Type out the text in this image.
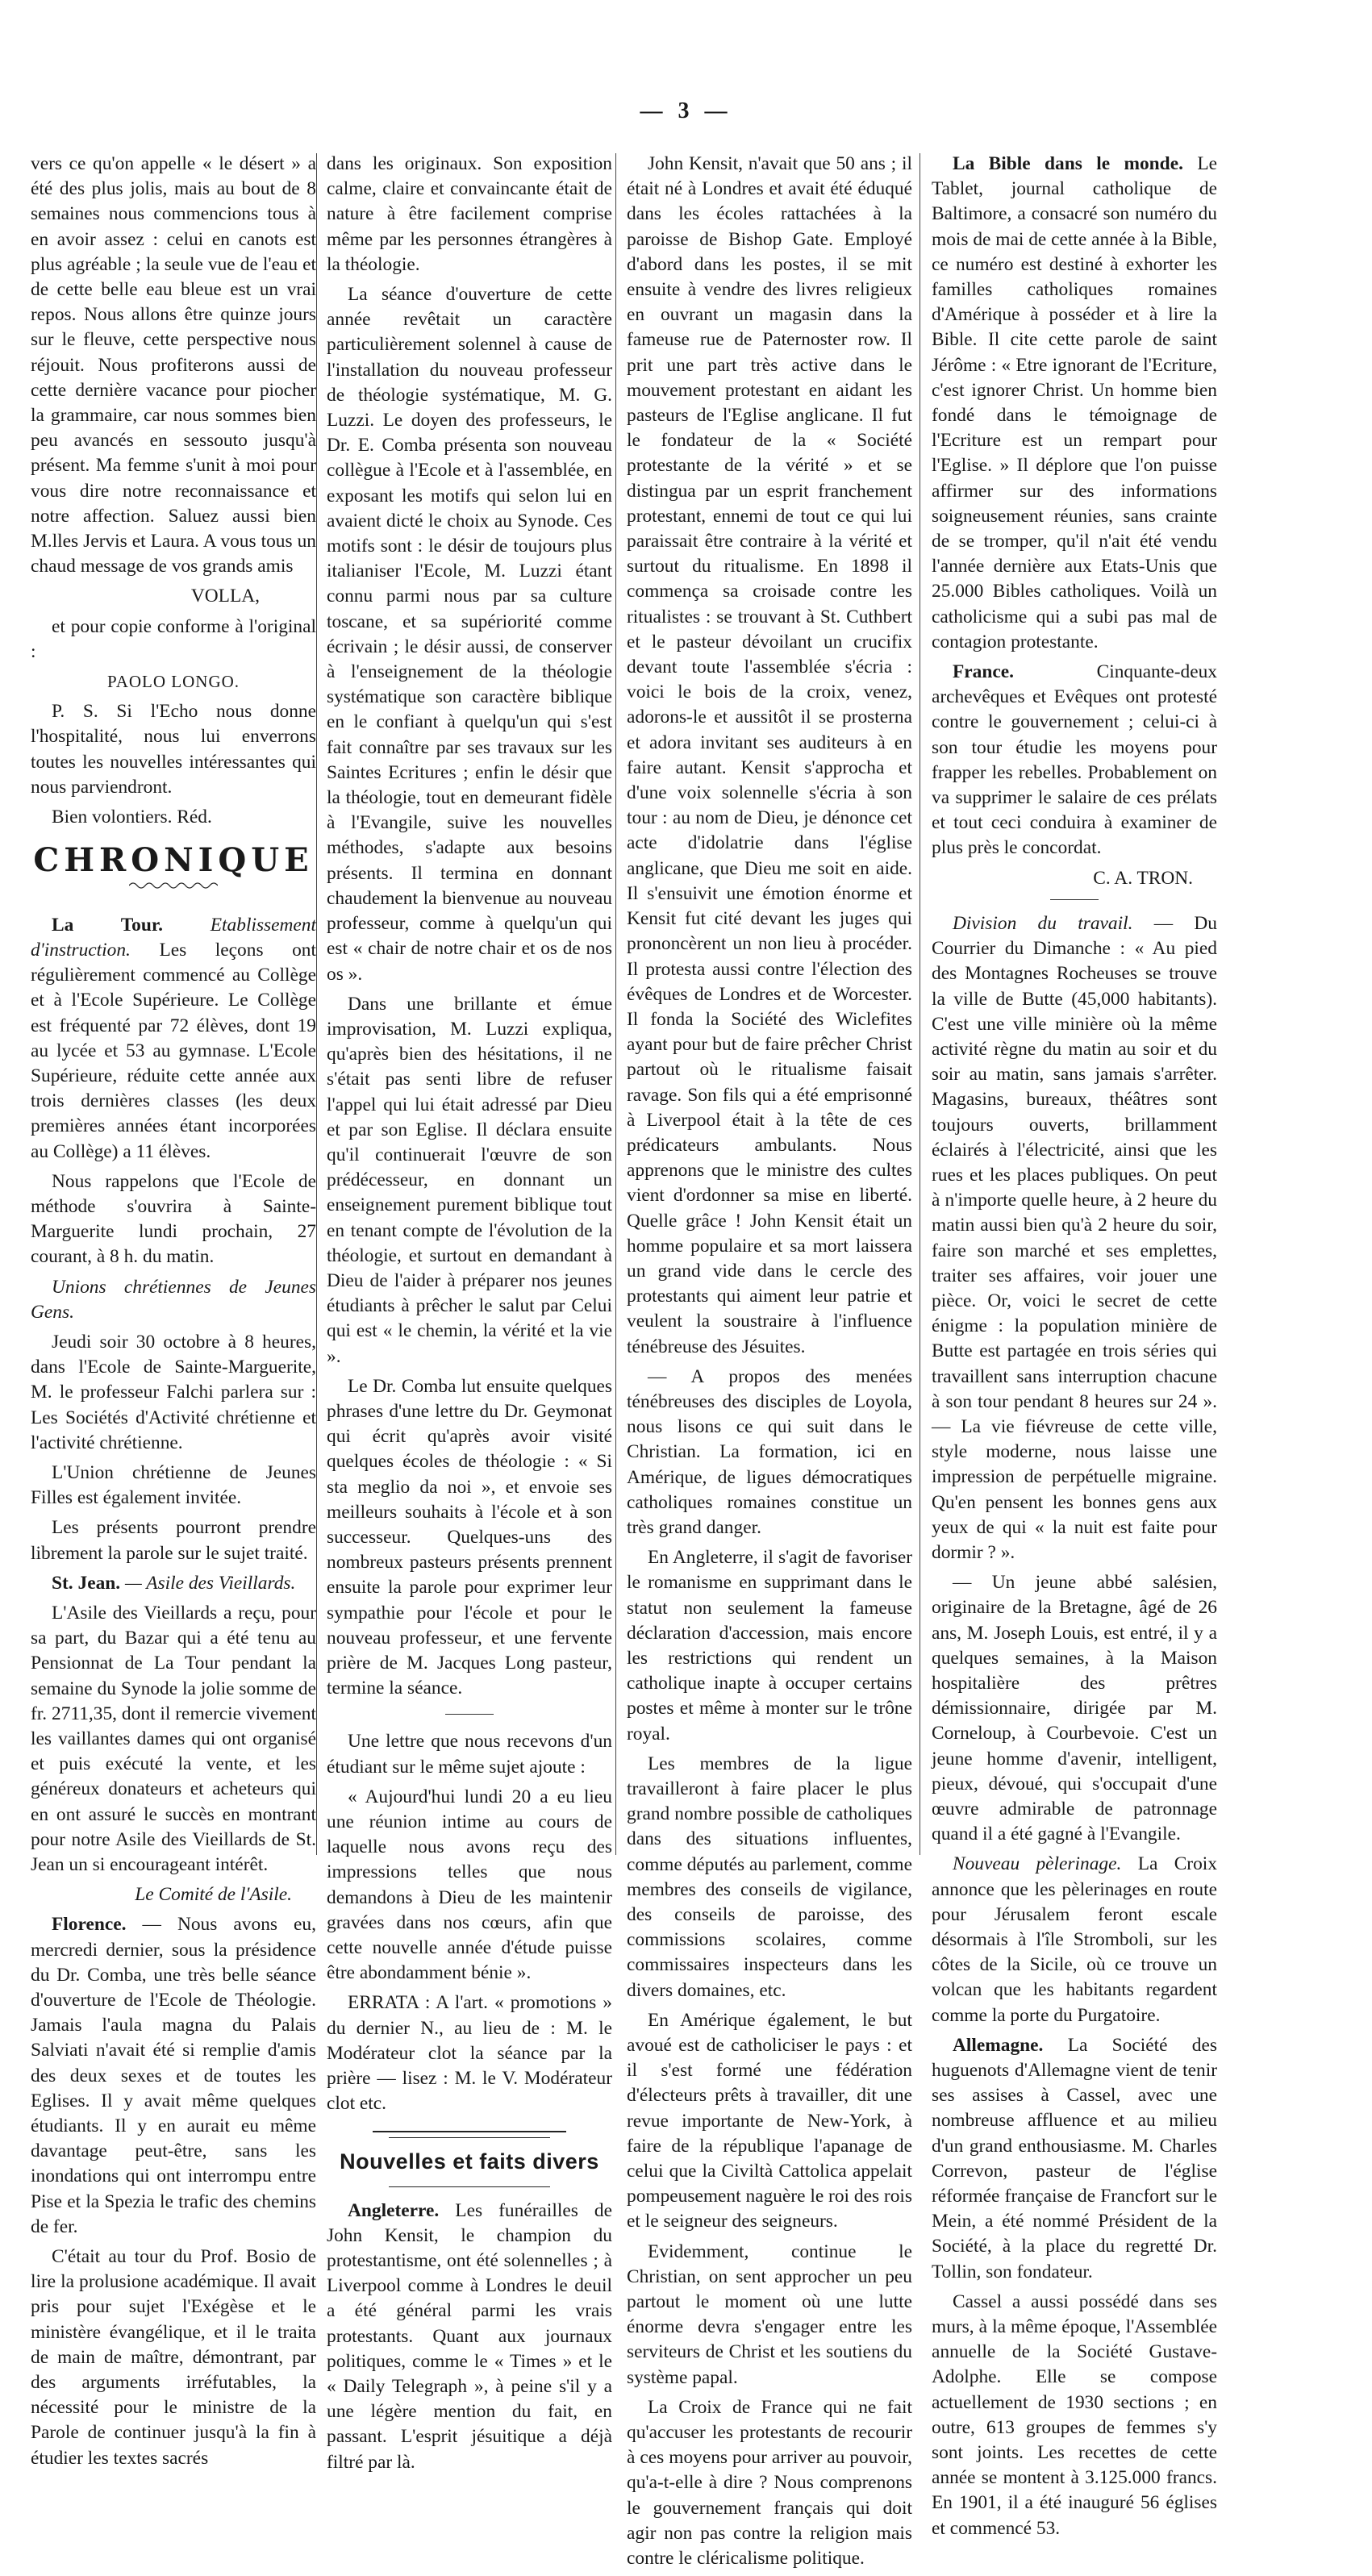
— 3 —

vers ce qu'on appelle « le désert » a été des plus jolis, mais au bout de 8 semaines nous commencions tous à en avoir assez : celui en canots est plus agréable ; la seule vue de l'eau et de cette belle eau bleue est un vrai repos. Nous allons être quinze jours sur le fleuve, cette perspective nous réjouit. Nous profiterons aussi de cette dernière vacance pour piocher la grammaire, car nous sommes bien peu avancés en sessouto jusqu'à présent. Ma femme s'unit à moi pour vous dire notre reconnaissance et notre affection. Saluez aussi bien M.lles Jervis et Laura. A vous tous un chaud message de vos grands amis

VOLLA,

et pour copie conforme à l'original :

PAOLO LONGO.

P. S. Si l'Echo nous donne l'hospitalité, nous lui enverrons toutes les nouvelles intéressantes qui nous parviendront.

Bien volontiers. Réd.

CHRONIQUE

La Tour.	Etablissement d'instruction. Les leçons ont régulièrement commencé au Collège et à l'Ecole Supérieure. Le Collège est fréquenté par 72 élèves, dont 19 au lycée et 53 au gymnase. L'Ecole Supérieure, réduite cette année aux trois dernières classes (les deux premières années étant incorporées au Collège) a 11 élèves.

Nous rappelons que l'Ecole de méthode s'ouvrira à Sainte-Marguerite lundi prochain, 27 courant, à 8 h. du matin.

Unions chrétiennes de Jeunes Gens.

Jeudi soir 30 octobre à 8 heures, dans l'Ecole de Sainte-Marguerite, M. le professeur Falchi parlera sur : Les Sociétés d'Activité chrétienne et l'activité chrétienne.

L'Union chrétienne de Jeunes Filles est également invitée.

Les présents pourront prendre librement la parole sur le sujet traité.

St. Jean. — Asile des Vieillards.

L'Asile des Vieillards a reçu, pour sa part, du Bazar qui a été tenu au Pensionnat de La Tour pendant la semaine du Synode la jolie somme de fr. 2711,35, dont il remercie vivement les vaillantes dames qui ont organisé et puis exécuté la vente, et les généreux donateurs et acheteurs qui en ont assuré le succès en montrant pour notre Asile des Vieillards de St. Jean un si encourageant intérêt.

Le Comité de l'Asile.

Florence. — Nous avons eu, mercredi dernier, sous la présidence du Dr. Comba, une très belle séance d'ouverture de l'Ecole de Théologie. Jamais l'aula magna du Palais Salviati n'avait été si remplie d'amis des deux sexes et de toutes les Eglises. Il y avait même quelques étudiants. Il y en aurait eu même davantage peut-être, sans les inondations qui ont interrompu entre Pise et la Spezia le trafic des chemins de fer.

C'était au tour du Prof. Bosio de lire la prolusione académique. Il avait pris pour sujet l'Exégèse et le ministère évangélique, et il le traita de main de maître, démontrant, par des arguments irréfutables, la nécessité pour le ministre de la Parole de continuer jusqu'à la fin à étudier les textes sacrés

dans les originaux. Son exposition calme, claire et convaincante était de nature à être facilement comprise même par les personnes étrangères à la théologie.

La séance d'ouverture de cette année revêtait un caractère particulièrement solennel à cause de l'installation du nouveau professeur de théologie systématique, M. G. Luzzi. Le doyen des professeurs, le Dr. E. Comba présenta son nouveau collègue à l'Ecole et à l'assemblée, en exposant les motifs qui selon lui en avaient dicté le choix au Synode. Ces motifs sont : le désir de toujours plus italianiser l'Ecole, M. Luzzi étant connu parmi nous par sa culture toscane, et sa supériorité comme écrivain ; le désir aussi, de conserver à l'enseignement de la théologie systématique son caractère biblique en le confiant à quelqu'un qui s'est fait connaître par ses travaux sur les Saintes Ecritures ; enfin le désir que la théologie, tout en demeurant fidèle à l'Evangile, suive les nouvelles méthodes, s'adapte aux besoins présents. Il termina en donnant chaudement la bienvenue au nouveau professeur, comme à quelqu'un qui est « chair de notre chair et os de nos os ».

Dans une brillante et émue improvisation, M. Luzzi expliqua, qu'après bien des hésitations, il ne s'était pas senti libre de refuser l'appel qui lui était adressé par Dieu et par son Eglise. Il déclara ensuite qu'il continuerait l'œuvre de son prédécesseur, en donnant un enseignement purement biblique tout en tenant compte de l'évolution de la théologie, et surtout en demandant à Dieu de l'aider à préparer nos jeunes étudiants à prêcher le salut par Celui qui est « le chemin, la vérité et la vie ».

Le Dr. Comba lut ensuite quelques phrases d'une lettre du Dr. Geymonat qui écrit qu'après avoir visité quelques écoles de théologie : « Si sta meglio da noi », et envoie ses meilleurs souhaits à l'école et à son successeur. Quelques-uns des nombreux pasteurs présents prennent ensuite la parole pour exprimer leur sympathie pour l'école et pour le nouveau professeur, et une fervente prière de M. Jacques Long pasteur, termine la séance.

Une lettre que nous recevons d'un étudiant sur le même sujet ajoute :

« Aujourd'hui lundi 20 a eu lieu une réunion intime au cours de laquelle nous avons reçu des impressions telles que nous demandons à Dieu de les maintenir gravées dans nos cœurs, afin que cette nouvelle année d'étude puisse être abondamment bénie ».

ERRATA : A l'art. « promotions » du dernier N., au lieu de : M. le Modérateur clot la séance par la prière — lisez : M. le V. Modérateur clot etc.

Nouvelles et faits divers

Angleterre. Les funérailles de John Kensit, le champion du protestantisme, ont été solennelles ; à Liverpool comme à Londres le deuil a été général parmi les vrais protestants. Quant aux journaux politiques, comme le « Times » et le « Daily Telegraph », à peine s'il y a une légère mention du fait, en passant. L'esprit jésuitique a déjà filtré par là.

John Kensit, n'avait que 50 ans ; il était né à Londres et avait été éduqué dans les écoles rattachées à la paroisse de Bishop Gate. Employé d'abord dans les postes, il se mit ensuite à vendre des livres religieux en ouvrant un magasin dans la fameuse rue de Paternoster row. Il prit une part très active dans le mouvement protestant en aidant les pasteurs de l'Eglise anglicane. Il fut le fondateur de la « Société protestante de la vérité » et se distingua par un esprit franchement protestant, ennemi de tout ce qui lui paraissait être contraire à la vérité et surtout du ritualisme. En 1898 il commença sa croisade contre les ritualistes : se trouvant à St. Cuthbert et le pasteur dévoilant un crucifix devant toute l'assemblée s'écria : voici le bois de la croix, venez, adorons-le et aussitôt il se prosterna et adora invitant ses auditeurs à en faire autant. Kensit s'approcha et d'une voix solennelle s'écria à son tour : au nom de Dieu, je dénonce cet acte d'idolatrie dans l'église anglicane, que Dieu me soit en aide. Il s'ensuivit une émotion énorme et Kensit fut cité devant les juges qui prononcèrent un non lieu à procéder. Il protesta aussi contre l'élection des évêques de Londres et de Worcester. Il fonda la Société des Wiclefites ayant pour but de faire prêcher Christ partout où le ritualisme faisait ravage. Son fils qui a été emprisonné à Liverpool était à la tête de ces prédicateurs ambulants. Nous apprenons que le ministre des cultes vient d'ordonner sa mise en liberté. Quelle grâce ! John Kensit était un homme populaire et sa mort laissera un grand vide dans le cercle des protestants qui aiment leur patrie et veulent la soustraire à l'influence ténébreuse des Jésuites.

— A propos des menées ténébreuses des disciples de Loyola, nous lisons ce qui suit dans le Christian. La formation, ici en Amérique, de ligues démocratiques catholiques romaines constitue un très grand danger.

En Angleterre, il s'agit de favoriser le romanisme en supprimant dans le statut non seulement la fameuse déclaration d'accession, mais encore les restrictions qui rendent un catholique inapte à occuper certains postes et même à monter sur le trône royal.

Les membres de la ligue travailleront à faire placer le plus grand nombre possible de catholiques dans des situations influentes, comme députés au parlement, comme membres des conseils de vigilance, des conseils de paroisse, des commissions scolaires, comme commissaires inspecteurs dans les divers domaines, etc.

En Amérique également, le but avoué est de catholiciser le pays : et il s'est formé une fédération d'électeurs prêts à travailler, dit une revue importante de New-York, à faire de la république l'apanage de celui que la Civiltà Cattolica appelait pompeusement naguère le roi des rois et le seigneur des seigneurs.

Evidemment, continue le Christian, on sent approcher un peu partout le moment où une lutte énorme devra s'engager entre les serviteurs de Christ et les soutiens du système papal.

La Croix de France qui ne fait qu'accuser les protestants de recourir à ces moyens pour arriver au pouvoir, qu'a-t-elle à dire ? Nous comprenons le gouvernement français qui doit agir non pas contre la religion mais contre le cléricalisme politique.

La Bible dans le monde. Le Tablet, journal catholique de Baltimore, a consacré son numéro du mois de mai de cette année à la Bible, ce numéro est destiné à exhorter les familles catholiques romaines d'Amérique à posséder et à lire la Bible. Il cite cette parole de saint Jérôme : « Etre ignorant de l'Ecriture, c'est ignorer Christ. Un homme bien fondé dans le témoignage de l'Ecriture est un rempart pour l'Eglise. » Il déplore que l'on puisse affirmer sur des informations soigneusement réunies, sans crainte de se tromper, qu'il n'ait été vendu l'année dernière aux Etats-Unis que 25.000 Bibles catholiques. Voilà un catholicisme qui a subi pas mal de contagion protestante.

France.	Cinquante-deux archevêques et Evêques ont protesté contre le gouvernement ; celui-ci à son tour étudie les moyens pour frapper les rebelles. Probablement on va supprimer le salaire de ces prélats et tout ceci conduira à examiner de plus près le concordat.

C. A. TRON.

Division du travail. — Du Courrier du Dimanche : « Au pied des Montagnes Rocheuses se trouve la ville de Butte (45,000 habitants). C'est une ville minière où la même activité règne du matin au soir et du soir au matin, sans jamais s'arrêter. Magasins, bureaux, théâtres sont toujours ouverts, brillamment éclairés à l'électricité, ainsi que les rues et les places publiques. On peut à n'importe quelle heure, à 2 heure du matin aussi bien qu'à 2 heure du soir, faire son marché et ses emplettes, traiter ses affaires, voir jouer une pièce. Or, voici le secret de cette énigme : la population minière de Butte est partagée en trois séries qui travaillent sans interruption chacune à son tour pendant 8 heures sur 24 ». — La vie fiévreuse de cette ville, style moderne, nous laisse une impression de perpétuelle migraine. Qu'en pensent les bonnes gens aux yeux de qui « la nuit est faite pour dormir ? ».

— Un jeune abbé salésien, originaire de la Bretagne, âgé de 26 ans, M. Joseph Louis, est entré, il y a quelques semaines, à la Maison hospitalière des prêtres démissionnaire, dirigée par M. Corneloup, à Courbevoie. C'est un jeune homme d'avenir, intelligent, pieux, dévoué, qui s'occupait d'une œuvre admirable de patronnage quand il a été gagné à l'Evangile.

Nouveau pèlerinage. La Croix annonce que les pèlerinages en route pour Jérusalem feront escale désormais à l'île Stromboli, sur les côtes de la Sicile, où ce trouve un volcan que les habitants regardent comme la porte du Purgatoire.

Allemagne. La Société des huguenots d'Allemagne vient de tenir ses assises à Cassel, avec une nombreuse affluence et au milieu d'un grand enthousiasme. M. Charles Correvon, pasteur de l'église réformée française de Francfort sur le Mein, a été nommé Président de la Société, à la place du regretté Dr. Tollin, son fondateur.

Cassel a aussi possédé dans ses murs, à la même époque, l'Assemblée annuelle de la Société Gustave-Adolphe. Elle se compose actuellement de 1930 sections ; en outre, 613 groupes de femmes s'y sont joints. Les recettes de cette année se montent à 3.125.000 francs. En 1901, il a été inauguré 56 églises et commencé 53.
